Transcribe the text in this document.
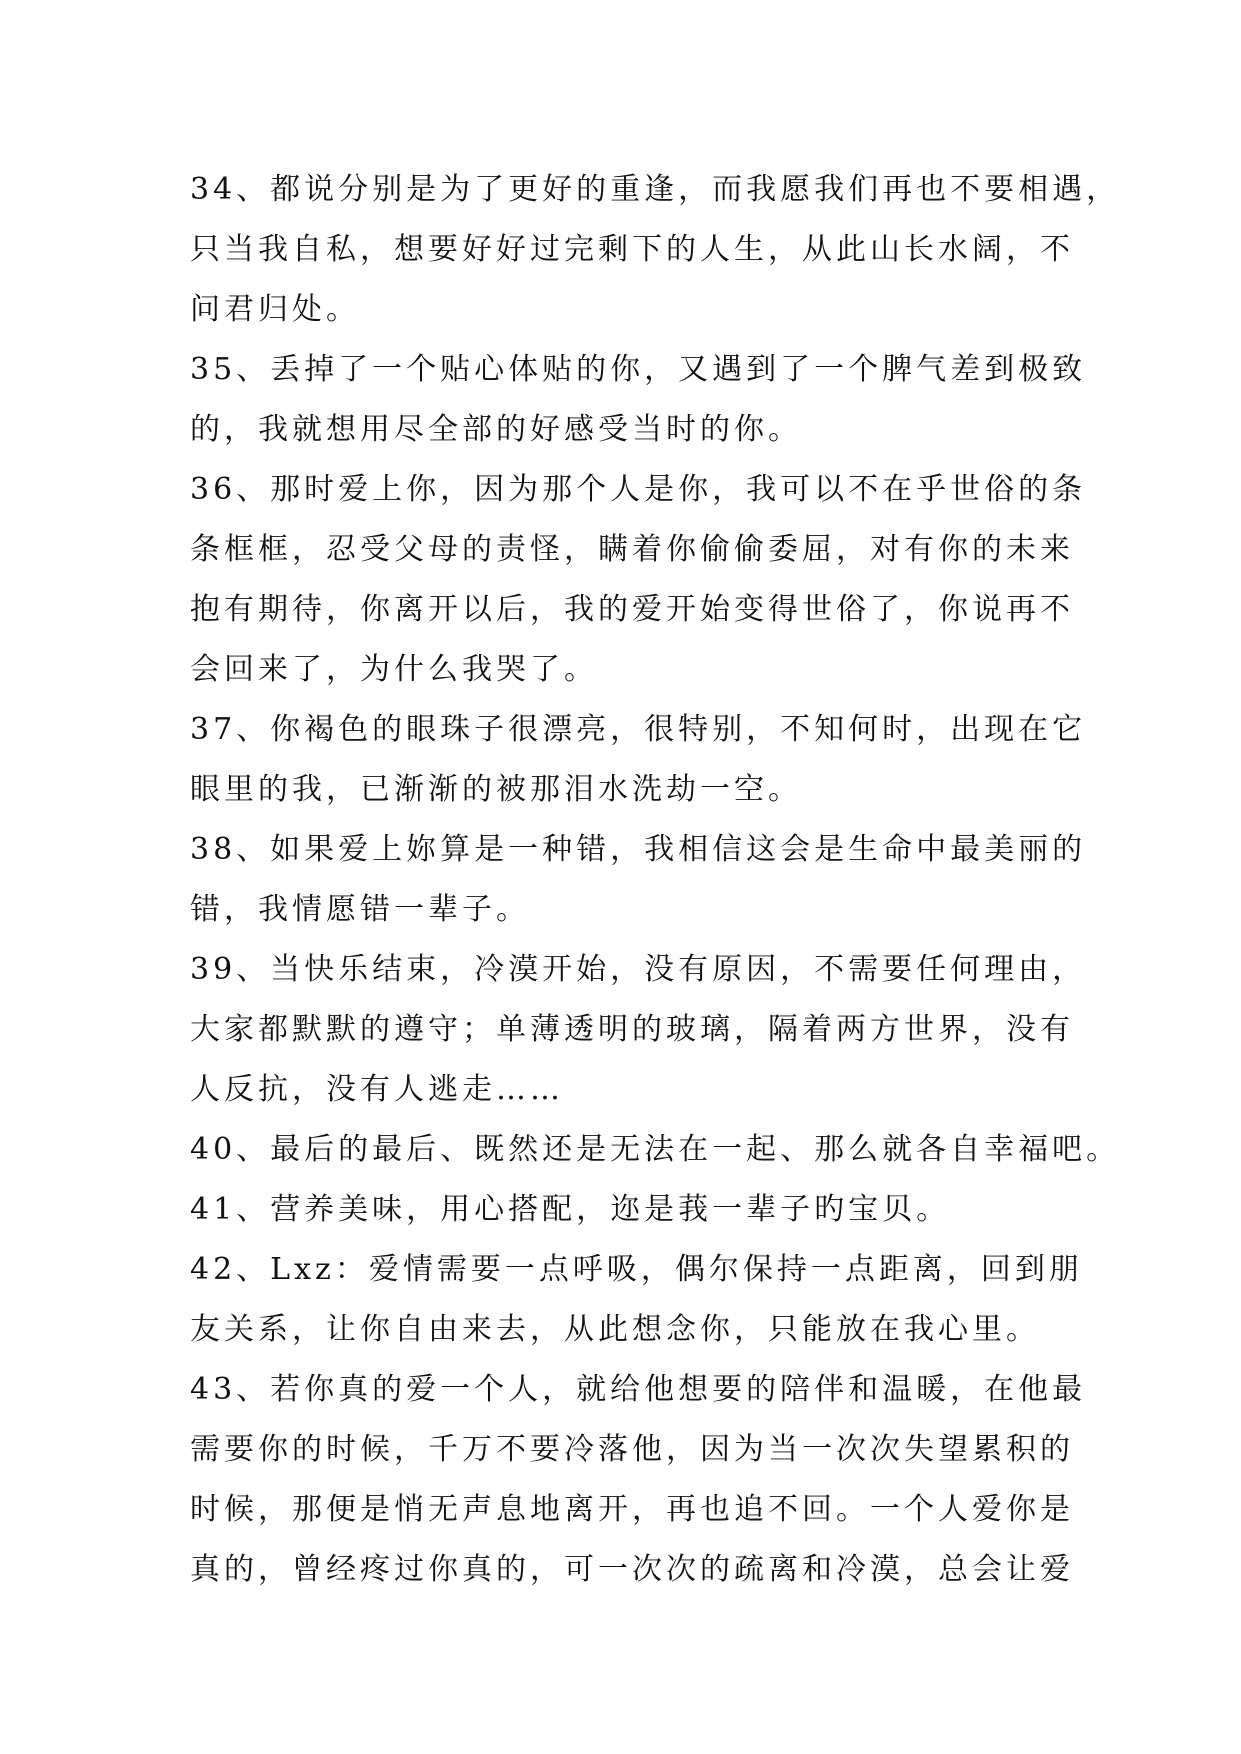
34、都说分别是为了更好的重逢，而我愿我们再也不要相遇，
只当我自私，想要好好过完剩下的人生，从此山长水阔，不
问君归处。
35、丢掉了一个贴心体贴的你，又遇到了一个脾气差到极致
的，我就想用尽全部的好感受当时的你。
36、那时爱上你，因为那个人是你，我可以不在乎世俗的条
条框框，忍受父母的责怪，瞒着你偷偷委屈，对有你的未来
抱有期待，你离开以后，我的爱开始变得世俗了，你说再不
会回来了，为什么我哭了。
37、你褐色的眼珠子很漂亮，很特别，不知何时，出现在它
眼里的我，已渐渐的被那泪水洗劫一空。
38、如果爱上妳算是一种错，我相信这会是生命中最美丽的
错，我情愿错一辈子。
39、当快乐结束，冷漠开始，没有原因，不需要任何理由，
大家都默默的遵守；单薄透明的玻璃，隔着两方世界，没有
人反抗，没有人逃走……
40、最后的最后、既然还是无法在一起、那么就各自幸福吧。
41、营养美味，用心搭配，迩是莪一辈子旳宝贝。
42、Lxz：爱情需要一点呼吸，偶尔保持一点距离，回到朋
友关系，让你自由来去，从此想念你，只能放在我心里。
43、若你真的爱一个人，就给他想要的陪伴和温暖，在他最
需要你的时候，千万不要冷落他，因为当一次次失望累积的
时候，那便是悄无声息地离开，再也追不回。一个人爱你是
真的，曾经疼过你真的，可一次次的疏离和冷漠，总会让爱
